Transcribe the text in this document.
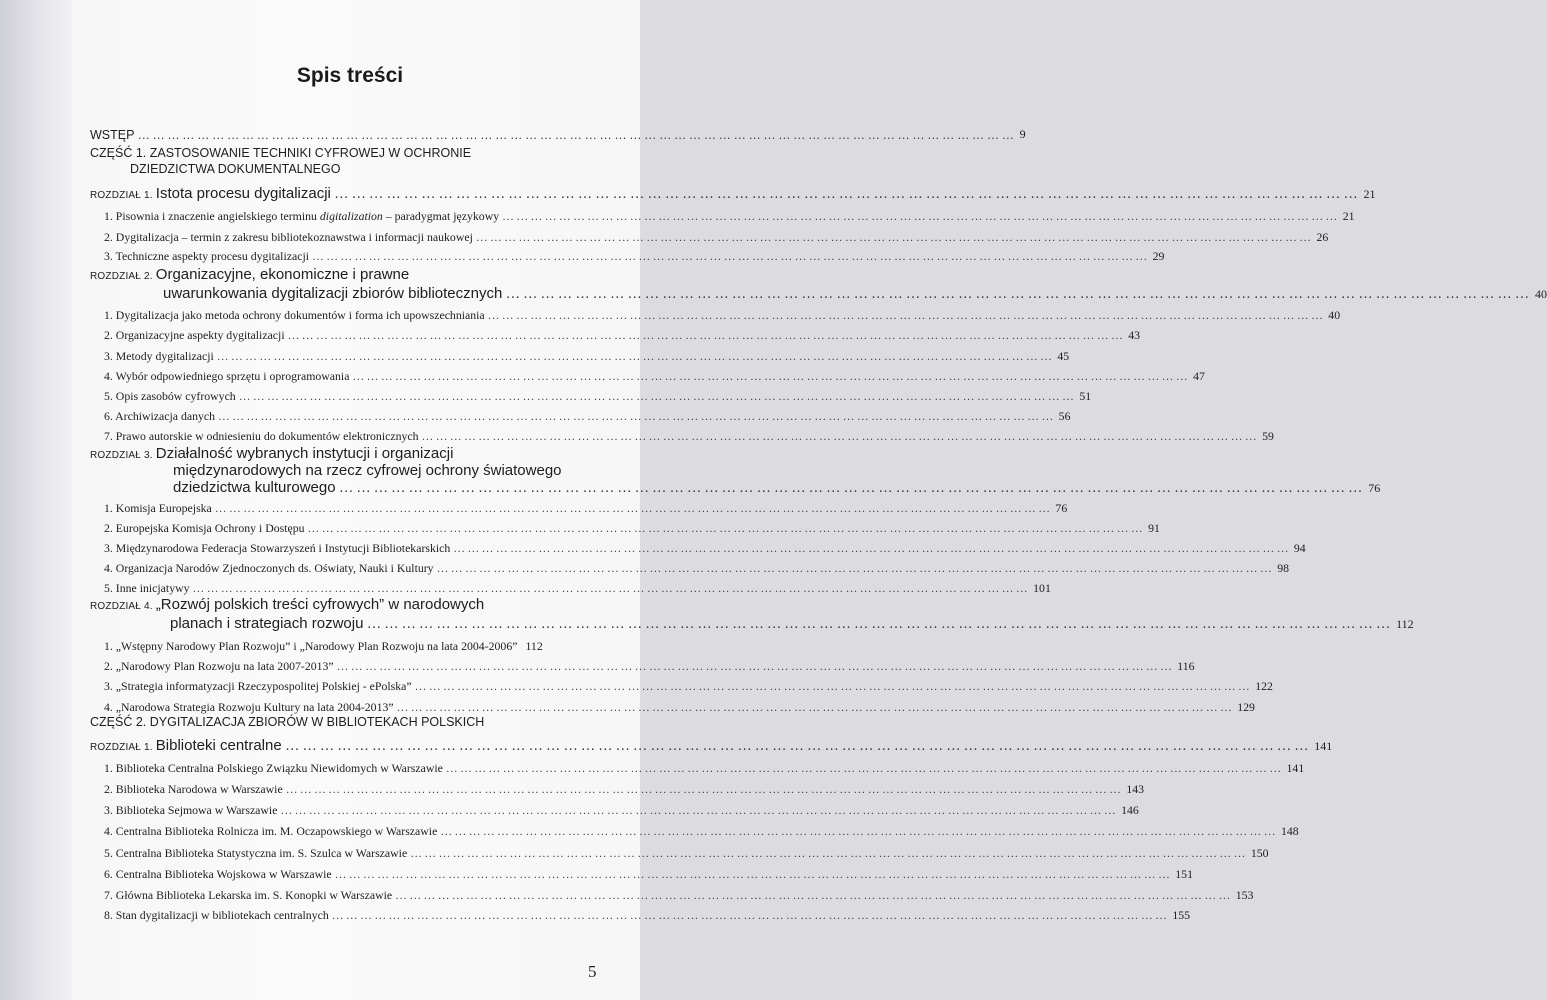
Spis treści
WSTĘP …………………………………………………………………………………………………………………………………………………………… 9
CZĘŚĆ 1. ZASTOSOWANIE TECHNIKI CYFROWEJ W OCHRONIE
DZIEDZICTWA DOKUMENTALNEGO
ROZDZIAŁ 1. Istota procesu dygitalizacji …………………………………………………………………………………………………………………………………………………………… 21
1. Pisownia i znaczenie angielskiego terminu digitalization – paradygmat językowy …………………………………………………………………………………………………………………………………………………………… 21
2. Dygitalizacja – termin z zakresu bibliotekoznawstwa i informacji naukowej …………………………………………………………………………………………………………………………………………………………… 26
3. Techniczne aspekty procesu dygitalizacji …………………………………………………………………………………………………………………………………………………………… 29
ROZDZIAŁ 2. Organizacyjne, ekonomiczne i prawne
uwarunkowania dygitalizacji zbiorów bibliotecznych …………………………………………………………………………………………………………………………………………………………… 40
1. Dygitalizacja jako metoda ochrony dokumentów i forma ich upowszechniania …………………………………………………………………………………………………………………………………………………………… 40
2. Organizacyjne aspekty dygitalizacji …………………………………………………………………………………………………………………………………………………………… 43
3. Metody dygitalizacji …………………………………………………………………………………………………………………………………………………………… 45
4. Wybór odpowiedniego sprzętu i oprogramowania …………………………………………………………………………………………………………………………………………………………… 47
5. Opis zasobów cyfrowych …………………………………………………………………………………………………………………………………………………………… 51
6. Archiwizacja danych …………………………………………………………………………………………………………………………………………………………… 56
7. Prawo autorskie w odniesieniu do dokumentów elektronicznych …………………………………………………………………………………………………………………………………………………………… 59
ROZDZIAŁ 3. Działalność wybranych instytucji i organizacji
międzynarodowych na rzecz cyfrowej ochrony światowego
dziedzictwa kulturowego …………………………………………………………………………………………………………………………………………………………… 76
1. Komisja Europejska …………………………………………………………………………………………………………………………………………………………… 76
2. Europejska Komisja Ochrony i Dostępu …………………………………………………………………………………………………………………………………………………………… 91
3. Międzynarodowa Federacja Stowarzyszeń i Instytucji Bibliotekarskich …………………………………………………………………………………………………………………………………………………………… 94
4. Organizacja Narodów Zjednoczonych ds. Oświaty, Nauki i Kultury …………………………………………………………………………………………………………………………………………………………… 98
5. Inne inicjatywy …………………………………………………………………………………………………………………………………………………………… 101
ROZDZIAŁ 4. „Rozwój polskich treści cyfrowych” w narodowych
planach i strategiach rozwoju …………………………………………………………………………………………………………………………………………………………… 112
1. „Wstępny Narodowy Plan Rozwoju” i „Narodowy Plan Rozwoju na lata 2004-2006” 112
2. „Narodowy Plan Rozwoju na lata 2007-2013” …………………………………………………………………………………………………………………………………………………………… 116
3. „Strategia informatyzacji Rzeczypospolitej Polskiej - ePolska” …………………………………………………………………………………………………………………………………………………………… 122
4. „Narodowa Strategia Rozwoju Kultury na lata 2004-2013” …………………………………………………………………………………………………………………………………………………………… 129
CZĘŚĆ 2. DYGITALIZACJA ZBIORÓW W BIBLIOTEKACH POLSKICH
ROZDZIAŁ 1. Biblioteki centralne …………………………………………………………………………………………………………………………………………………………… 141
1. Biblioteka Centralna Polskiego Związku Niewidomych w Warszawie …………………………………………………………………………………………………………………………………………………………… 141
2. Biblioteka Narodowa w Warszawie …………………………………………………………………………………………………………………………………………………………… 143
3. Biblioteka Sejmowa w Warszawie …………………………………………………………………………………………………………………………………………………………… 146
4. Centralna Biblioteka Rolnicza im. M. Oczapowskiego w Warszawie …………………………………………………………………………………………………………………………………………………………… 148
5. Centralna Biblioteka Statystyczna im. S. Szulca w Warszawie …………………………………………………………………………………………………………………………………………………………… 150
6. Centralna Biblioteka Wojskowa w Warszawie …………………………………………………………………………………………………………………………………………………………… 151
7. Główna Biblioteka Lekarska im. S. Konopki w Warszawie …………………………………………………………………………………………………………………………………………………………… 153
8. Stan dygitalizacji w bibliotekach centralnych …………………………………………………………………………………………………………………………………………………………… 155
5
